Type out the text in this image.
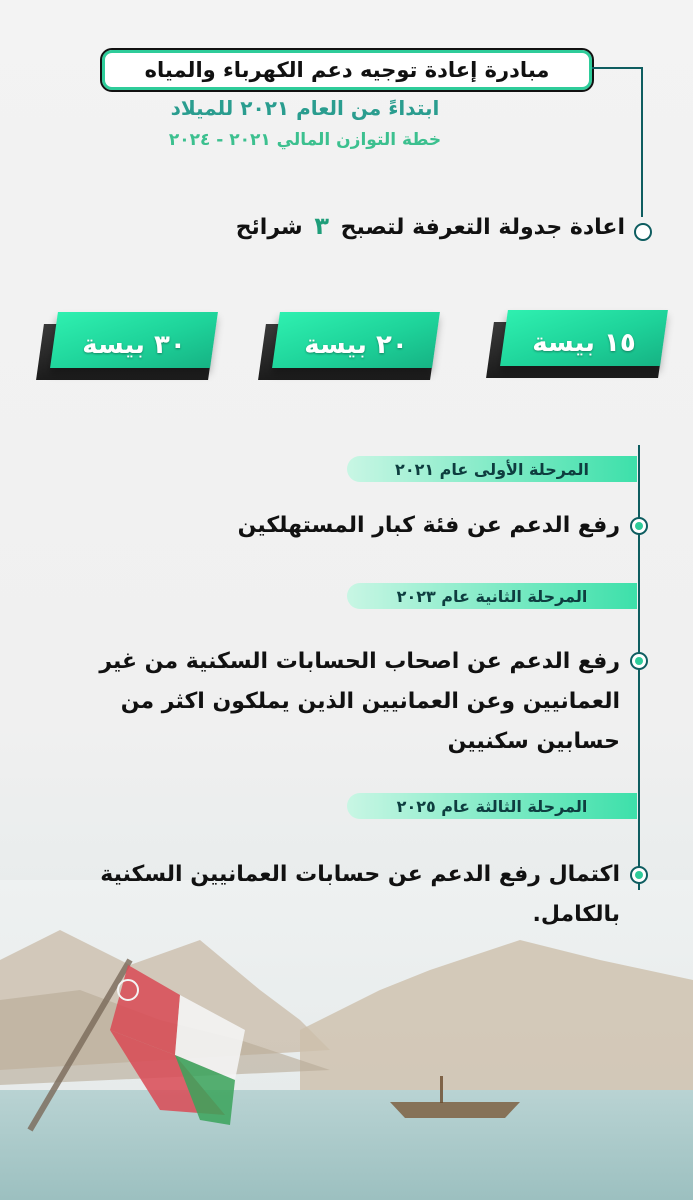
مبادرة إعادة توجيه دعم الكهرباء والمياه
ابتداءً من العام ٢٠٢١ للميلاد
خطة التوازن المالي ٢٠٢١ - ٢٠٢٤
اعادة جدولة التعرفة لتصبح ٣ شرائح
١٥ بيسة
٢٠ بيسة
٣٠ بيسة
المرحلة الأولى عام ٢٠٢١
رفع الدعم عن فئة كبار المستهلكين
المرحلة الثانية عام ٢٠٢٣
رفع الدعم عن اصحاب الحسابات السكنية من غير العمانيين وعن العمانيين الذين يملكون اكثر من حسابين سكنيين
المرحلة الثالثة عام ٢٠٢٥
اكتمال رفع الدعم عن حسابات العمانيين السكنية بالكامل.
